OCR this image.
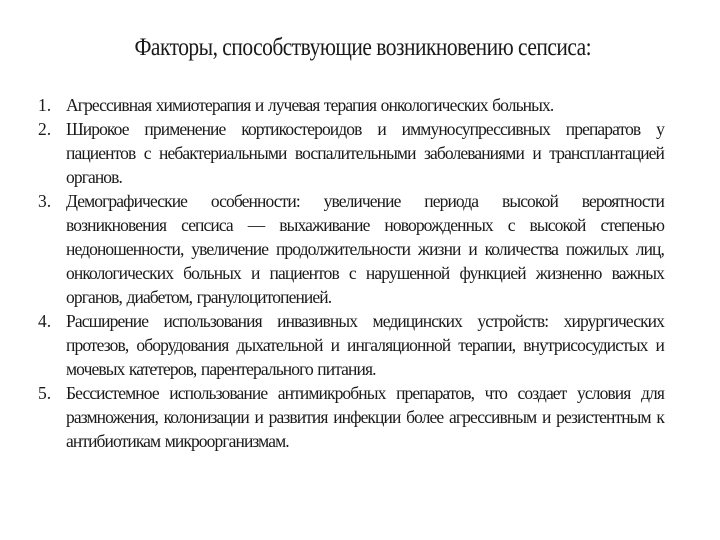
Факторы, способствующие возникновению сепсиса:
1. Агрессивная химиотерапия и лучевая терапия онкологических больных.
2. Широкое применение кортикостероидов и иммуносупрессивных препаратов у пациентов с небактериальными воспалительными заболеваниями и трансплантацией органов.
3. Демографические особенности: увеличение периода высокой вероятности возникновения сепсиса — выхаживание новорожденных с высокой степенью недоношенности, увеличение продолжительности жизни и количества пожилых лиц, онкологических больных и пациентов с нарушенной функцией жизненно важных органов, диабетом, гранулоцитопенией.
4. Расширение использования инвазивных медицинских устройств: хирургических протезов, оборудования дыхательной и ингаляционной терапии, внутрисосудистых и мочевых катетеров, парентерального питания.
5. Бессистемное использование антимикробных препаратов, что создает условия для размножения, колонизации и развития инфекции более агрессивным и резистентным к антибиотикам микроорганизмам.
